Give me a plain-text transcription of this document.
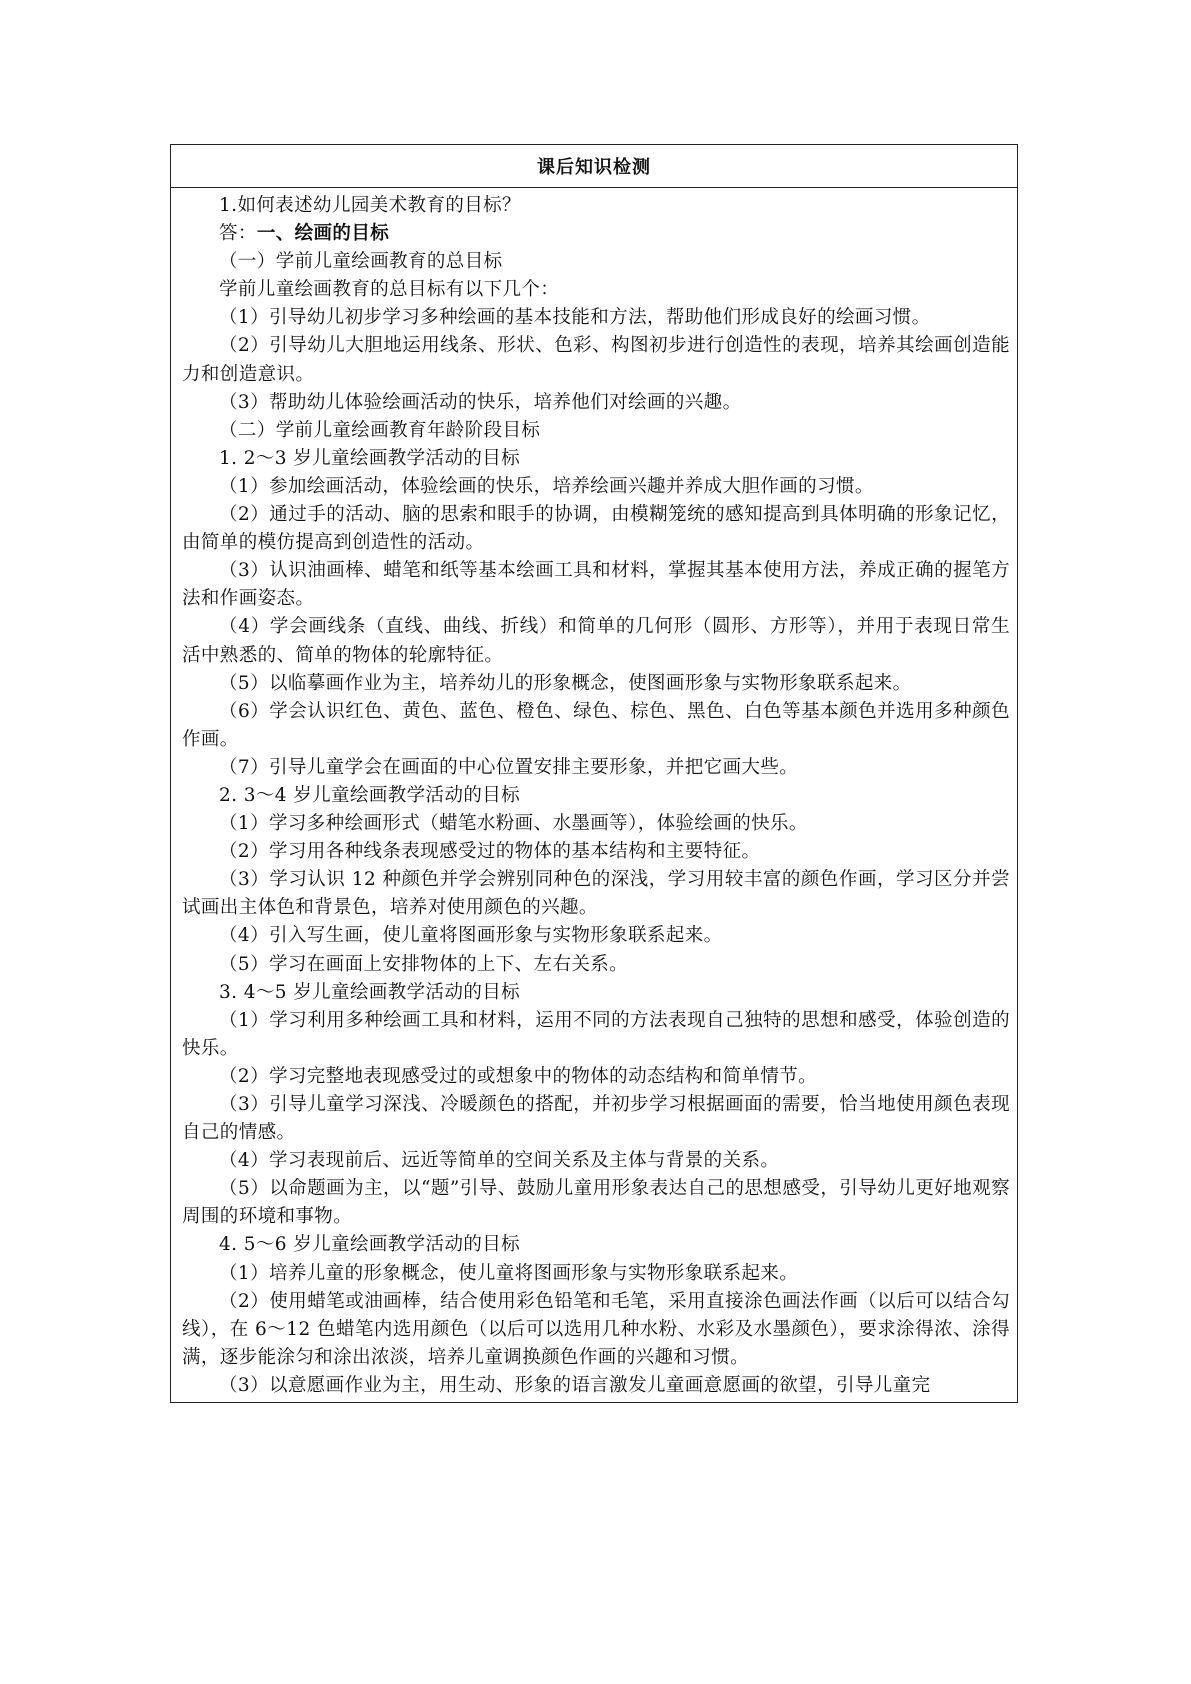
课后知识检测

1.如何表述幼儿园美术教育的目标？

答：一、绘画的目标

（一）学前儿童绘画教育的总目标

学前儿童绘画教育的总目标有以下几个：

（1）引导幼儿初步学习多种绘画的基本技能和方法，帮助他们形成良好的绘画习惯。

（2）引导幼儿大胆地运用线条、形状、色彩、构图初步进行创造性的表现，培养其绘画创造能力和创造意识。

（3）帮助幼儿体验绘画活动的快乐，培养他们对绘画的兴趣。

（二）学前儿童绘画教育年龄阶段目标

1. 2～3 岁儿童绘画教学活动的目标

（1）参加绘画活动，体验绘画的快乐，培养绘画兴趣并养成大胆作画的习惯。

（2）通过手的活动、脑的思索和眼手的协调，由模糊笼统的感知提高到具体明确的形象记忆，由简单的模仿提高到创造性的活动。

（3）认识油画棒、蜡笔和纸等基本绘画工具和材料，掌握其基本使用方法，养成正确的握笔方法和作画姿态。

（4）学会画线条（直线、曲线、折线）和简单的几何形（圆形、方形等），并用于表现日常生活中熟悉的、简单的物体的轮廓特征。

（5）以临摹画作业为主，培养幼儿的形象概念，使图画形象与实物形象联系起来。

（6）学会认识红色、黄色、蓝色、橙色、绿色、棕色、黑色、白色等基本颜色并选用多种颜色作画。

（7）引导儿童学会在画面的中心位置安排主要形象，并把它画大些。

2. 3～4 岁儿童绘画教学活动的目标

（1）学习多种绘画形式（蜡笔水粉画、水墨画等），体验绘画的快乐。

（2）学习用各种线条表现感受过的物体的基本结构和主要特征。

（3）学习认识 12 种颜色并学会辨别同种色的深浅，学习用较丰富的颜色作画，学习区分并尝试画出主体色和背景色，培养对使用颜色的兴趣。

（4）引入写生画，使儿童将图画形象与实物形象联系起来。

（5）学习在画面上安排物体的上下、左右关系。

3. 4～5 岁儿童绘画教学活动的目标

（1）学习利用多种绘画工具和材料，运用不同的方法表现自己独特的思想和感受，体验创造的快乐。

（2）学习完整地表现感受过的或想象中的物体的动态结构和简单情节。

（3）引导儿童学习深浅、冷暖颜色的搭配，并初步学习根据画面的需要，恰当地使用颜色表现自己的情感。

（4）学习表现前后、远近等简单的空间关系及主体与背景的关系。

（5）以命题画为主，以“题”引导、鼓励儿童用形象表达自己的思想感受，引导幼儿更好地观察周围的环境和事物。

4. 5～6 岁儿童绘画教学活动的目标

（1）培养儿童的形象概念，使儿童将图画形象与实物形象联系起来。

（2）使用蜡笔或油画棒，结合使用彩色铅笔和毛笔，采用直接涂色画法作画（以后可以结合勾线），在 6～12 色蜡笔内选用颜色（以后可以选用几种水粉、水彩及水墨颜色），要求涂得浓、涂得满，逐步能涂匀和涂出浓淡，培养儿童调换颜色作画的兴趣和习惯。

（3）以意愿画作业为主，用生动、形象的语言激发儿童画意愿画的欲望，引导儿童完
